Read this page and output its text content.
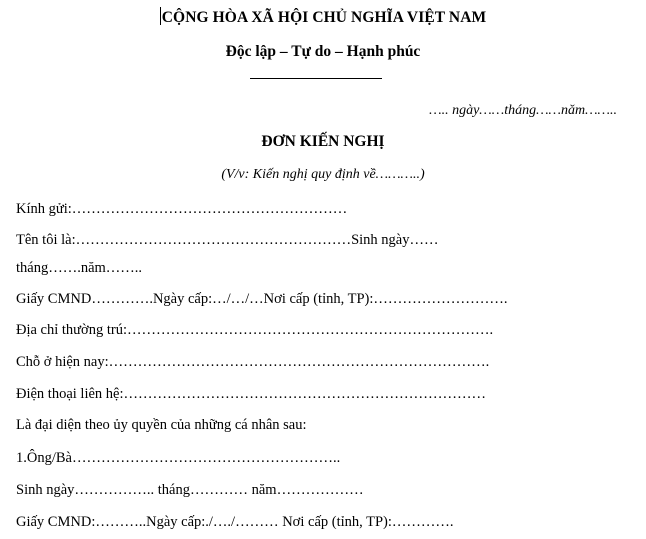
CỘNG HÒA XÃ HỘI CHỦ NGHĨA VIỆT NAM
Độc lập – Tự do – Hạnh phúc
….. ngày……tháng……năm……..
ĐƠN KIẾN NGHỊ
(V/v: Kiến nghị quy định về………..)
Kính gửi:…………………………………………………
Tên tôi là:…………………………………………………Sinh ngày……
tháng…….năm……..
Giấy CMND………….Ngày cấp:…/…/…Nơi cấp (tỉnh, TP):……………………….
Địa chỉ thường trú:………………………………………………………………….
Chỗ ở hiện nay:…………………………………………………………………….
Điện thoại liên hệ:…………………………………………………………………
Là đại diện theo ủy quyền của những cá nhân sau:
1.Ông/Bà………………………………………………..
Sinh ngày…………….. tháng………… năm………………
Giấy CMND:………..Ngày cấp:./…./……… Nơi cấp (tỉnh, TP):………….
